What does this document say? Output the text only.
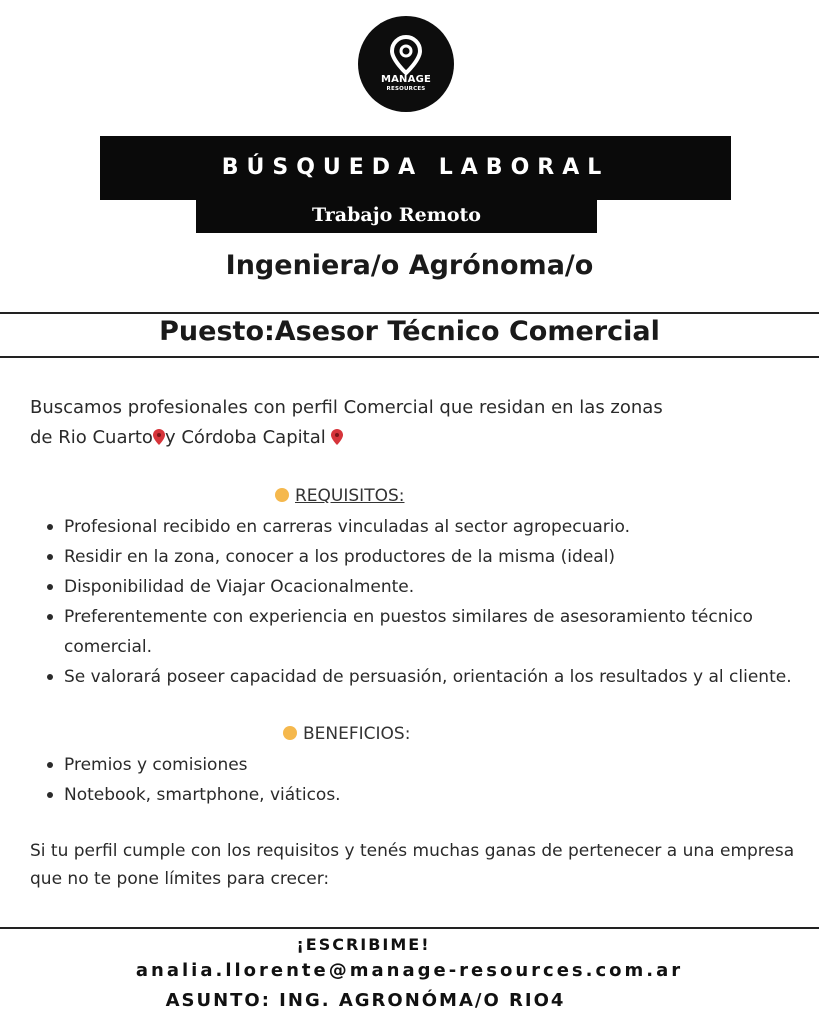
MANAGE
RESOURCES
BÚSQUEDA LABORAL
Trabajo Remoto
Ingeniera/o Agrónoma/o
Puesto:Asesor Técnico Comercial
Buscamos profesionales con perfil Comercial que residan en las zonas
de Rio Cuarto y Córdoba Capital
REQUISITOS:
Profesional recibido en carreras vinculadas al sector agropecuario.
Residir en la zona, conocer a los productores de la misma (ideal)
Disponibilidad de Viajar Ocacionalmente.
Preferentemente con experiencia en puestos similares de asesoramiento técnico comercial.
Se valorará poseer capacidad de persuasión, orientación a los resultados y al cliente.
BENEFICIOS:
Premios y comisiones
Notebook, smartphone, viáticos.
Si tu perfil cumple con los requisitos y tenés muchas ganas de pertenecer a una empresa que no te pone límites para crecer:
¡ESCRIBIME!
analia.llorente@manage-resources.com.ar
ASUNTO: ING. AGRONÓMA/O RIO4
